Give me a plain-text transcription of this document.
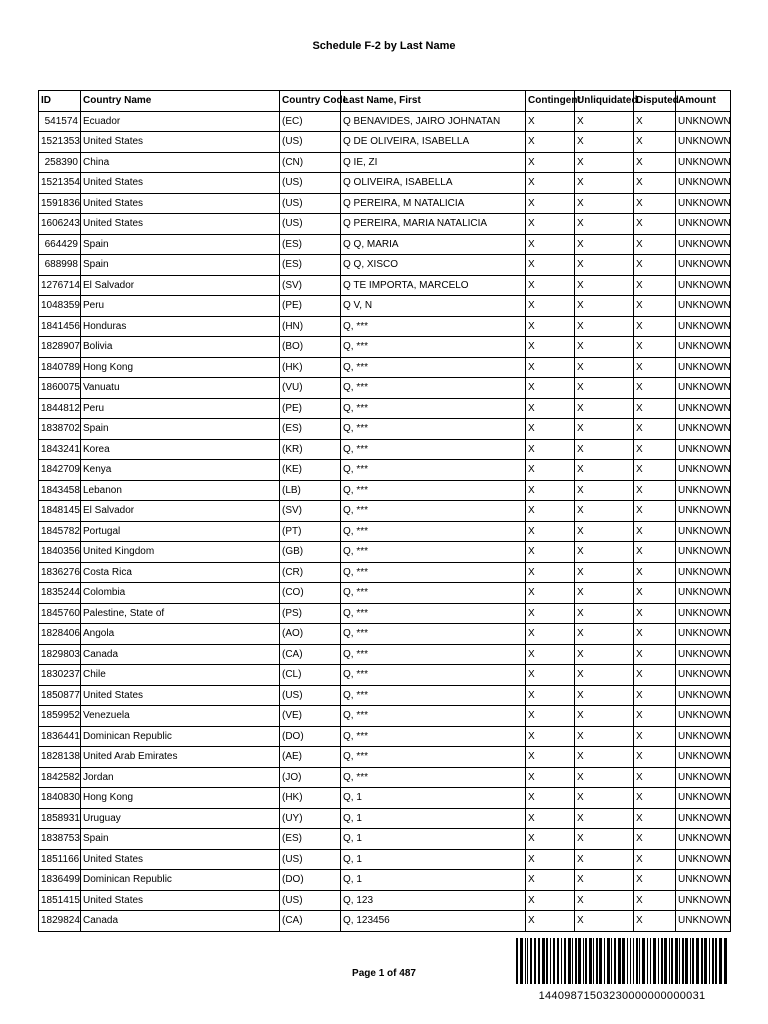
Schedule F-2 by Last Name
ID	Country Name	Country Code	Last Name, First	Contingent	Unliquidated	Disputed	Amount
541574	Ecuador	(EC)	Q BENAVIDES, JAIRO JOHNATAN	X	X	X	UNKNOWN
1521353	United States	(US)	Q DE OLIVEIRA, ISABELLA	X	X	X	UNKNOWN
258390	China	(CN)	Q IE, ZI	X	X	X	UNKNOWN
1521354	United States	(US)	Q OLIVEIRA, ISABELLA	X	X	X	UNKNOWN
1591836	United States	(US)	Q PEREIRA, M NATALICIA	X	X	X	UNKNOWN
1606243	United States	(US)	Q PEREIRA, MARIA NATALICIA	X	X	X	UNKNOWN
664429	Spain	(ES)	Q Q, MARIA	X	X	X	UNKNOWN
688998	Spain	(ES)	Q Q, XISCO	X	X	X	UNKNOWN
1276714	El Salvador	(SV)	Q TE IMPORTA, MARCELO	X	X	X	UNKNOWN
1048359	Peru	(PE)	Q V, N	X	X	X	UNKNOWN
1841456	Honduras	(HN)	Q, ***	X	X	X	UNKNOWN
1828907	Bolivia	(BO)	Q, ***	X	X	X	UNKNOWN
1840789	Hong Kong	(HK)	Q, ***	X	X	X	UNKNOWN
1860075	Vanuatu	(VU)	Q, ***	X	X	X	UNKNOWN
1844812	Peru	(PE)	Q, ***	X	X	X	UNKNOWN
1838702	Spain	(ES)	Q, ***	X	X	X	UNKNOWN
1843241	Korea	(KR)	Q, ***	X	X	X	UNKNOWN
1842709	Kenya	(KE)	Q, ***	X	X	X	UNKNOWN
1843458	Lebanon	(LB)	Q, ***	X	X	X	UNKNOWN
1848145	El Salvador	(SV)	Q, ***	X	X	X	UNKNOWN
1845782	Portugal	(PT)	Q, ***	X	X	X	UNKNOWN
1840356	United Kingdom	(GB)	Q, ***	X	X	X	UNKNOWN
1836276	Costa Rica	(CR)	Q, ***	X	X	X	UNKNOWN
1835244	Colombia	(CO)	Q, ***	X	X	X	UNKNOWN
1845760	Palestine, State of	(PS)	Q, ***	X	X	X	UNKNOWN
1828406	Angola	(AO)	Q, ***	X	X	X	UNKNOWN
1829803	Canada	(CA)	Q, ***	X	X	X	UNKNOWN
1830237	Chile	(CL)	Q, ***	X	X	X	UNKNOWN
1850877	United States	(US)	Q, ***	X	X	X	UNKNOWN
1859952	Venezuela	(VE)	Q, ***	X	X	X	UNKNOWN
1836441	Dominican Republic	(DO)	Q, ***	X	X	X	UNKNOWN
1828138	United Arab Emirates	(AE)	Q, ***	X	X	X	UNKNOWN
1842582	Jordan	(JO)	Q, ***	X	X	X	UNKNOWN
1840830	Hong Kong	(HK)	Q, 1	X	X	X	UNKNOWN
1858931	Uruguay	(UY)	Q, 1	X	X	X	UNKNOWN
1838753	Spain	(ES)	Q, 1	X	X	X	UNKNOWN
1851166	United States	(US)	Q, 1	X	X	X	UNKNOWN
1836499	Dominican Republic	(DO)	Q, 1	X	X	X	UNKNOWN
1851415	United States	(US)	Q, 123	X	X	X	UNKNOWN
1829824	Canada	(CA)	Q, 123456	X	X	X	UNKNOWN
Page 1 of 487
14409871503230000000000031
